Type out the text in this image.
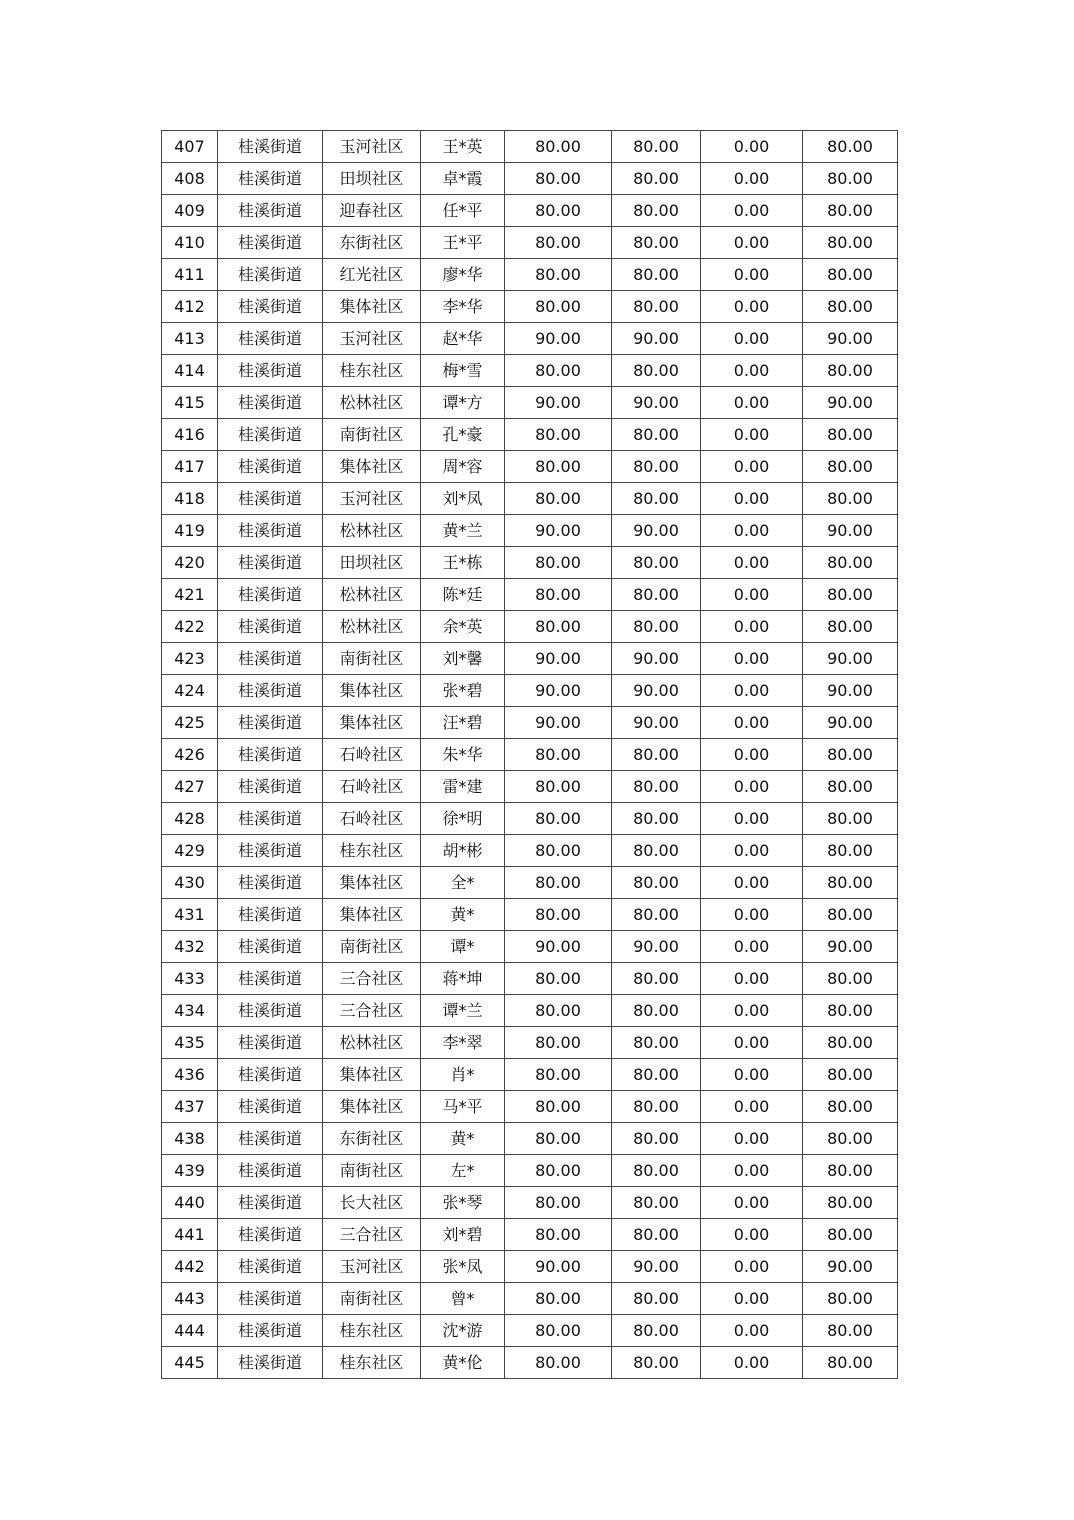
407	桂溪街道	玉河社区	王*英	80.00	80.00	0.00	80.00
408	桂溪街道	田坝社区	卓*霞	80.00	80.00	0.00	80.00
409	桂溪街道	迎春社区	任*平	80.00	80.00	0.00	80.00
410	桂溪街道	东街社区	王*平	80.00	80.00	0.00	80.00
411	桂溪街道	红光社区	廖*华	80.00	80.00	0.00	80.00
412	桂溪街道	集体社区	李*华	80.00	80.00	0.00	80.00
413	桂溪街道	玉河社区	赵*华	90.00	90.00	0.00	90.00
414	桂溪街道	桂东社区	梅*雪	80.00	80.00	0.00	80.00
415	桂溪街道	松林社区	谭*方	90.00	90.00	0.00	90.00
416	桂溪街道	南街社区	孔*豪	80.00	80.00	0.00	80.00
417	桂溪街道	集体社区	周*容	80.00	80.00	0.00	80.00
418	桂溪街道	玉河社区	刘*凤	80.00	80.00	0.00	80.00
419	桂溪街道	松林社区	黄*兰	90.00	90.00	0.00	90.00
420	桂溪街道	田坝社区	王*栋	80.00	80.00	0.00	80.00
421	桂溪街道	松林社区	陈*廷	80.00	80.00	0.00	80.00
422	桂溪街道	松林社区	余*英	80.00	80.00	0.00	80.00
423	桂溪街道	南街社区	刘*馨	90.00	90.00	0.00	90.00
424	桂溪街道	集体社区	张*碧	90.00	90.00	0.00	90.00
425	桂溪街道	集体社区	汪*碧	90.00	90.00	0.00	90.00
426	桂溪街道	石岭社区	朱*华	80.00	80.00	0.00	80.00
427	桂溪街道	石岭社区	雷*建	80.00	80.00	0.00	80.00
428	桂溪街道	石岭社区	徐*明	80.00	80.00	0.00	80.00
429	桂溪街道	桂东社区	胡*彬	80.00	80.00	0.00	80.00
430	桂溪街道	集体社区	全*	80.00	80.00	0.00	80.00
431	桂溪街道	集体社区	黄*	80.00	80.00	0.00	80.00
432	桂溪街道	南街社区	谭*	90.00	90.00	0.00	90.00
433	桂溪街道	三合社区	蒋*坤	80.00	80.00	0.00	80.00
434	桂溪街道	三合社区	谭*兰	80.00	80.00	0.00	80.00
435	桂溪街道	松林社区	李*翠	80.00	80.00	0.00	80.00
436	桂溪街道	集体社区	肖*	80.00	80.00	0.00	80.00
437	桂溪街道	集体社区	马*平	80.00	80.00	0.00	80.00
438	桂溪街道	东街社区	黄*	80.00	80.00	0.00	80.00
439	桂溪街道	南街社区	左*	80.00	80.00	0.00	80.00
440	桂溪街道	长大社区	张*琴	80.00	80.00	0.00	80.00
441	桂溪街道	三合社区	刘*碧	80.00	80.00	0.00	80.00
442	桂溪街道	玉河社区	张*凤	90.00	90.00	0.00	90.00
443	桂溪街道	南街社区	曾*	80.00	80.00	0.00	80.00
444	桂溪街道	桂东社区	沈*游	80.00	80.00	0.00	80.00
445	桂溪街道	桂东社区	黄*伦	80.00	80.00	0.00	80.00
